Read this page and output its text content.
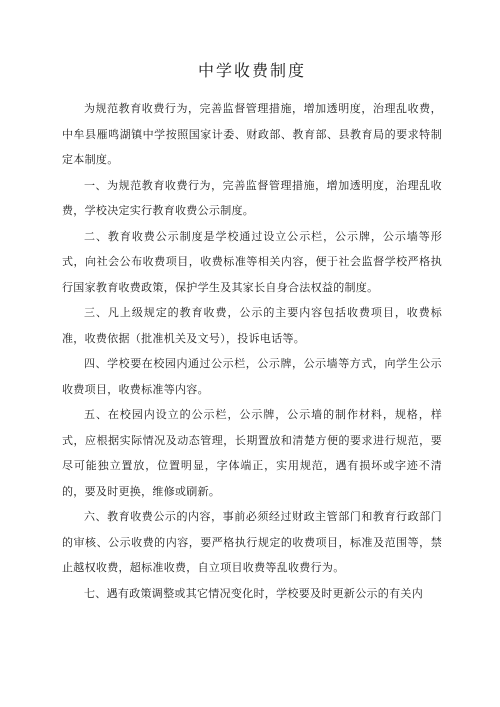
中学收费制度

为规范教育收费行为，完善监督管理措施，增加透明度，治理乱收费，中牟县雁鸣湖镇中学按照国家计委、财政部、教育部、县教育局的要求特制定本制度。

一、为规范教育收费行为，完善监督管理措施，增加透明度，治理乱收费，学校决定实行教育收费公示制度。

二、教育收费公示制度是学校通过设立公示栏，公示牌，公示墙等形式，向社会公布收费项目，收费标准等相关内容，便于社会监督学校严格执行国家教育收费政策，保护学生及其家长自身合法权益的制度。

三、凡上级规定的教育收费，公示的主要内容包括收费项目，收费标准，收费依据（批准机关及文号），投诉电话等。

四、学校要在校园内通过公示栏，公示牌，公示墙等方式，向学生公示收费项目，收费标准等内容。

五、在校园内设立的公示栏，公示牌，公示墙的制作材料，规格，样式，应根据实际情况及动态管理，长期置放和清楚方便的要求进行规范，要尽可能独立置放，位置明显，字体端正，实用规范，遇有损坏或字迹不清的，要及时更换，维修或刷新。

六、教育收费公示的内容，事前必须经过财政主管部门和教育行政部门的审核、公示收费的内容，要严格执行规定的收费项目，标准及范围等，禁止越权收费，超标准收费，自立项目收费等乱收费行为。

七、遇有政策调整或其它情况变化时，学校要及时更新公示的有关内
